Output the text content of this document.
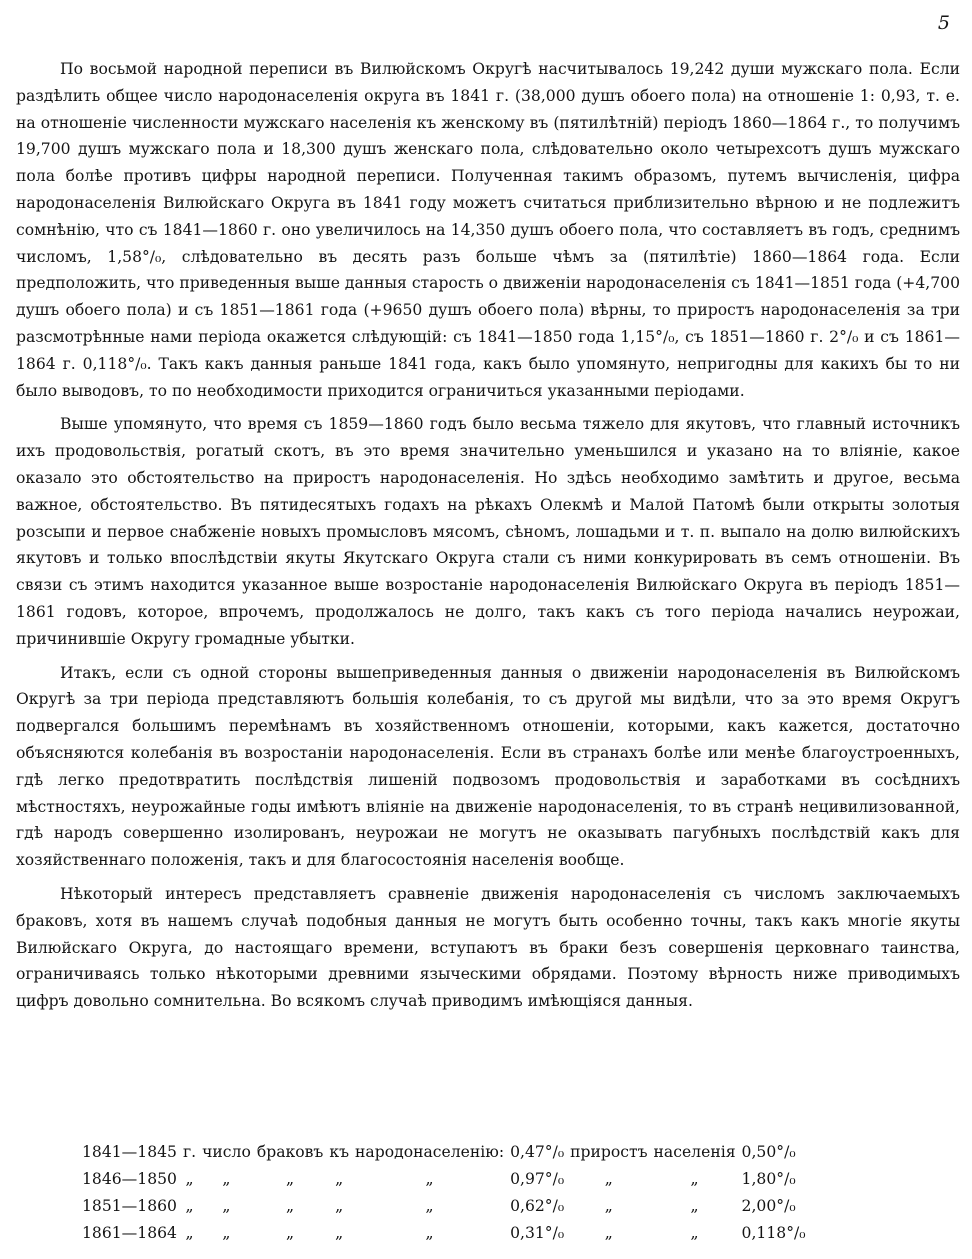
5

По восьмой народной переписи въ Вилюйскомъ Округѣ насчитывалось 19,242 души мужскаго пола. Если раздѣлить общее число народонаселенія округа въ 1841 г. (38,000 душъ обоего пола) на отношеніе 1: 0,93, т. е. на отношеніе численности мужскаго населенія къ женскому въ (пятилѣтній) періодъ 1860—1864 г., то получимъ 19,700 душъ мужскаго пола и 18,300 душъ женскаго пола, слѣдовательно около четырехсотъ душъ мужскаго пола болѣе противъ цифры народной переписи. Полученная такимъ образомъ, путемъ вычисленія, цифра народонаселенія Вилюйскаго Округа въ 1841 году можетъ считаться приблизительно вѣрною и не подлежитъ сомнѣнію, что съ 1841—1860 г. оно увеличилось на 14,350 душъ обоего пола, что составляетъ въ годъ, среднимъ числомъ, 1,58°/₀, слѣдовательно въ десять разъ больше чѣмъ за (пятилѣтіе) 1860—1864 года. Если предположить, что приведенныя выше данныя старость о движеніи народонаселенія съ 1841—1851 года (+4,700 душъ обоего пола) и съ 1851—1861 года (+9650 душъ обоего пола) вѣрны, то приростъ народонаселенія за три разсмотрѣнные нами періода окажется слѣдующій: съ 1841—1850 года 1,15°/₀, съ 1851—1860 г. 2°/₀ и съ 1861—1864 г. 0,118°/₀. Такъ какъ данныя раньше 1841 года, какъ было упомянуто, непригодны для какихъ бы то ни было выводовъ, то по необходимости приходится ограничиться указанными періодами.

Выше упомянуто, что время съ 1859—1860 годъ было весьма тяжело для якутовъ, что главный источникъ ихъ продовольствія, рогатый скотъ, въ это время значительно уменьшился и указано на то вліяніе, какое оказало это обстоятельство на приростъ народонаселенія. Но здѣсь необходимо замѣтить и другое, весьма важное, обстоятельство. Въ пятидесятыхъ годахъ на рѣкахъ Олекмѣ и Малой Патомѣ были открыты золотыя розсыпи и первое снабженіе новыхъ промысловъ мясомъ, сѣномъ, лошадьми и т. п. выпало на долю вилюйскихъ якутовъ и только впослѣдствіи якуты Якутскаго Округа стали съ ними конкурировать въ семъ отношеніи. Въ связи съ этимъ находится указанное выше возростаніе народонаселенія Вилюйскаго Округа въ періодъ 1851—1861 годовъ, которое, впрочемъ, продолжалось не долго, такъ какъ съ того періода начались неурожаи, причинившіе Округу громадные убытки.

Итакъ, если съ одной стороны вышеприведенныя данныя о движеніи народонаселенія въ Вилюйскомъ Округѣ за три періода представляютъ большія колебанія, то съ другой мы видѣли, что за это время Округъ подвергался большимъ перемѣнамъ въ хозяйственномъ отношеніи, которыми, какъ кажется, достаточно объясняются колебанія въ возростаніи народонаселенія. Если въ странахъ болѣе или менѣе благоустроенныхъ, гдѣ легко предотвратить послѣдствія лишеній подвозомъ продовольствія и заработками въ сосѣднихъ мѣстностяхъ, неурожайные годы имѣютъ вліяніе на движеніе народонаселенія, то въ странѣ нецивилизованной, гдѣ народъ совершенно изолированъ, неурожаи не могутъ не оказывать пагубныхъ послѣдствій какъ для хозяйственнаго положенія, такъ и для благосостоянія населенія вообще.

Нѣкоторый интересъ представляетъ сравненіе движенія народонаселенія съ числомъ заключаемыхъ браковъ, хотя въ нашемъ случаѣ подобныя данныя не могутъ быть особенно точны, такъ какъ многіе якуты Вилюйскаго Округа, до настоящаго времени, вступаютъ въ браки безъ совершенія церковнаго таинства, ограничиваясь только нѣкоторыми древними языческими обрядами. Поэтому вѣрность ниже приводимыхъ цифръ довольно сомнительна. Во всякомъ случаѣ приводимъ имѣющіяся данныя.

1841—1845	г.	число	браковъ	къ	народонаселенію:	0,47°/₀	приростъ	населенія	0,50°/₀
1846—1850	„	„	„	„	„	0,97°/₀	„	„	1,80°/₀
1851—1860	„	„	„	„	„	0,62°/₀	„	„	2,00°/₀
1861—1864	„	„	„	„	„	0,31°/₀	„	„	0,118°/₀
